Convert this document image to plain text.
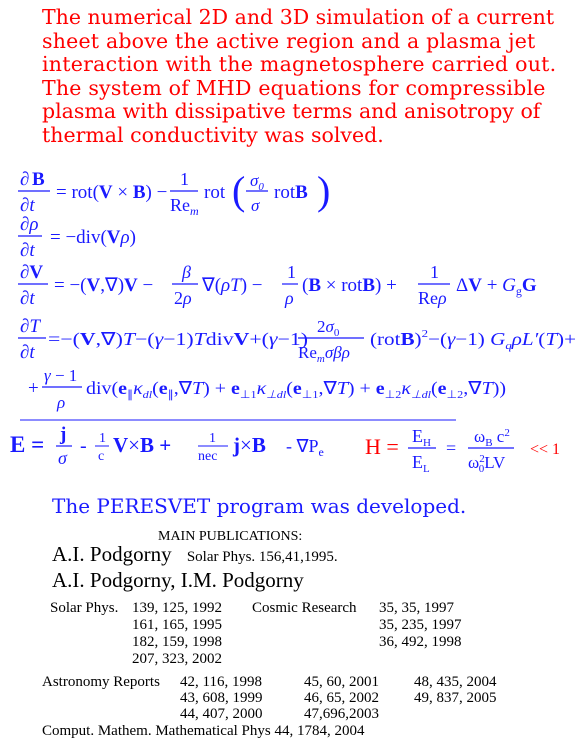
The numerical 2D and 3D simulation of a current
sheet above the active region and a plasma jet
interaction with the magnetosphere carried out.
The system of MHD equations for compressible
plasma with dissipative terms and anisotropy of
thermal conductivity was solved.
∂ B
∂t
= rot(V × B) −
1
$Re_m$
rot ( $\sigma_0$
σ
rotB )
∂ρ
∂t
= −div(Vρ)
∂V
∂t
= −(V,∇)V −
β
2ρ
∇(ρT) −
1
ρ
(B × rotB) +
1
Reρ
$\Delta V + G_gG$
∂T
∂t
=−( V ,∇) T −( γ−1) T div V +( γ−1)
$2\sigma_0$
$Re_m\sigma\beta\rho$
(rot B )$^2$−( γ−1) G $_q$ρL′ (T)+
+
γ − 1
ρ
div( $e_\parallel\kappa_{dl}(e_\parallel,\nabla T) + e_{\perp 1}\kappa_{\perp dl}$ $(e_{\perp 1},\nabla T) + e_{\perp 2}\kappa_{\perp dl}$ $(e_{\perp 2},\nabla T)$)
E = j
σ
- 1
c V×B +	1
nec $j\times B - \nabla P_e$ $H = E_H$
$E_L$
=
$\omega_B$ $c^2$
$\omega^2$ 0LV
<< 1
The PERESVET program was developed.
MAIN PUBLICATIONS:
A.I. Podgorny Solar Phys. 156,41,1995.
A.I. Podgorny, I.M. Podgorny
Solar Phys. 139, 125, 1992
161, 165, 1995
182, 159, 1998
207, 323, 2002
Cosmic Research 35, 35, 1997
35, 235, 1997
36, 492, 1998
Astronomy Reports 42, 116, 1998
43, 608, 1999
44, 407, 2000
45, 60, 2001
46, 65, 2002
47,696,2003
48, 435, 2004
49, 837, 2005
Comput. Mathem. Mathematical Phys 44, 1784, 2004
